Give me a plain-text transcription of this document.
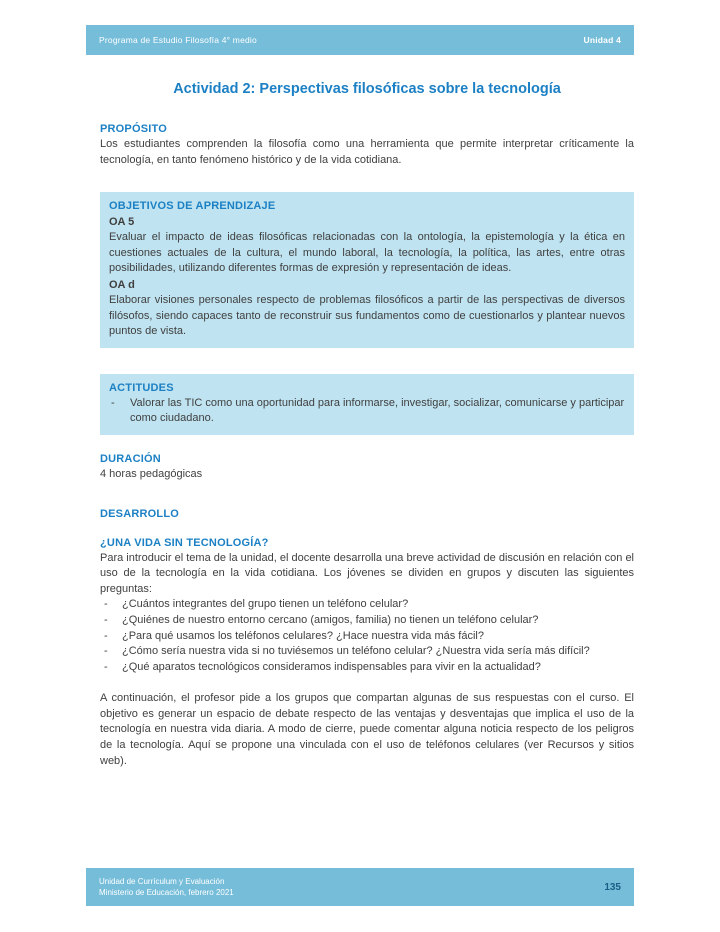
Programa de Estudio Filosofía 4° medio	Unidad 4
Actividad 2: Perspectivas filosóficas sobre la tecnología
PROPÓSITO

Los estudiantes comprenden la filosofía como una herramienta que permite interpretar críticamente la tecnología, en tanto fenómeno histórico y de la vida cotidiana.

OBJETIVOS DE APRENDIZAJE
OA 5

Evaluar el impacto de ideas filosóficas relacionadas con la ontología, la epistemología y la ética en cuestiones actuales de la cultura, el mundo laboral, la tecnología, la política, las artes, entre otras posibilidades, utilizando diferentes formas de expresión y representación de ideas.

OA d

Elaborar visiones personales respecto de problemas filosóficos a partir de las perspectivas de diversos filósofos, siendo capaces tanto de reconstruir sus fundamentos como de cuestionarlos y plantear nuevos puntos de vista.

ACTITUDES
-	Valorar las TIC como una oportunidad para informarse, investigar, socializar, comunicarse y participar como ciudadano.
DURACIÓN

4 horas pedagógicas

DESARROLLO
¿UNA VIDA SIN TECNOLOGÍA?

Para introducir el tema de la unidad, el docente desarrolla una breve actividad de discusión en relación con el uso de la tecnología en la vida cotidiana. Los jóvenes se dividen en grupos y discuten las siguientes preguntas:

-	¿Cuántos integrantes del grupo tienen un teléfono celular?
-	¿Quiénes de nuestro entorno cercano (amigos, familia) no tienen un teléfono celular?
-	¿Para qué usamos los teléfonos celulares? ¿Hace nuestra vida más fácil?
-	¿Cómo sería nuestra vida si no tuviésemos un teléfono celular? ¿Nuestra vida sería más difícil?
-	¿Qué aparatos tecnológicos consideramos indispensables para vivir en la actualidad?

A continuación, el profesor pide a los grupos que compartan algunas de sus respuestas con el curso. El objetivo es generar un espacio de debate respecto de las ventajas y desventajas que implica el uso de la tecnología en nuestra vida diaria. A modo de cierre, puede comentar alguna noticia respecto de los peligros de la tecnología. Aquí se propone una vinculada con el uso de teléfonos celulares (ver Recursos y sitios web).

Unidad de Currículum y Evaluación
Ministerio de Educación, febrero 2021	135
